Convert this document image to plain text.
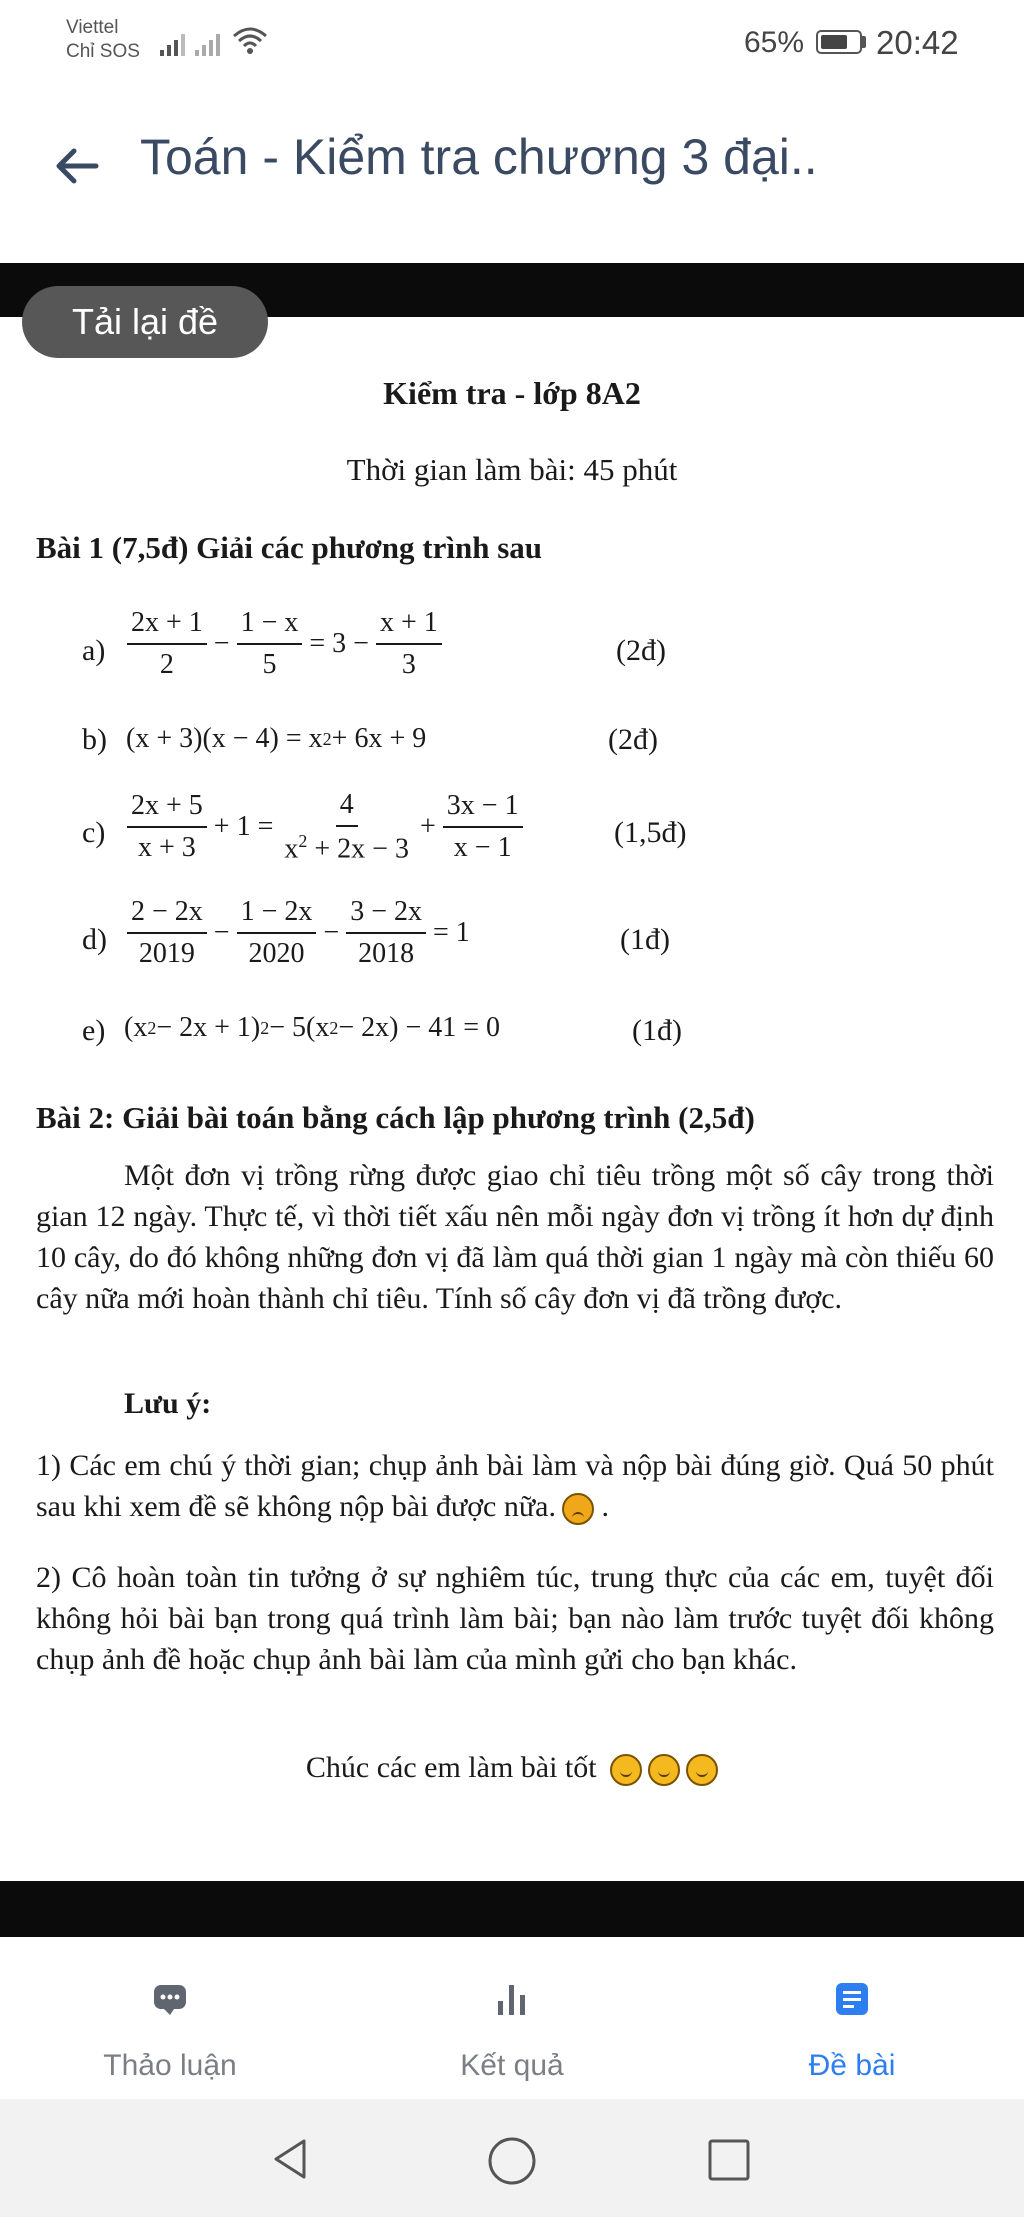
Viettel
Chỉ SOS	65% 20:42
Toán - Kiểm tra chương 3 đại..
Tải lại đề
Kiểm tra - lớp 8A2
Thời gian làm bài: 45 phút
Bài 1 (7,5đ) Giải các phương trình sau
$a) \frac{2x + 1}{2} - \frac{1 - x}{5} = 3 - \frac{x + 1}{3}$	(2đ)
b) (x + 3)(x − 4) = x 2 + 6x + 9	(2đ)
$c) \frac{2x + 5}{x + 3} + 1 = \frac{4}{x^2 + 2x - 3} + \frac{3x - 1}{x - 1}$	(1,5đ)
$d) \frac{2 - 2x}{2019} - \frac{1 - 2x}{2020} - \frac{3 - 2x}{2018} = 1$	(1đ)
e) (x 2 − 2x + 1) 2 − 5(x 2 − 2x) − 41 = 0	(1đ)
Bài 2: Giải bài toán bằng cách lập phương trình (2,5đ)
Một đơn vị trồng rừng được giao chỉ tiêu trồng một số cây trong thời gian 12 ngày. Thực tế, vì thời tiết xấu nên mỗi ngày đơn vị trồng ít hơn dự định 10 cây, do đó không những đơn vị đã làm quá thời gian 1 ngày mà còn thiếu 60 cây nữa mới hoàn thành chỉ tiêu. Tính số cây đơn vị đã trồng được.
Lưu ý:
1) Các em chú ý thời gian; chụp ảnh bài làm và nộp bài đúng giờ. Quá 50 phút sau khi xem đề sẽ không nộp bài được nữa. .
2) Cô hoàn toàn tin tưởng ở sự nghiêm túc, trung thực của các em, tuyệt đối không hỏi bài bạn trong quá trình làm bài; bạn nào làm trước tuyệt đối không chụp ảnh đề hoặc chụp ảnh bài làm của mình gửi cho bạn khác.
Chúc các em làm bài tốt
Thảo luận	Kết quả	Đề bài
